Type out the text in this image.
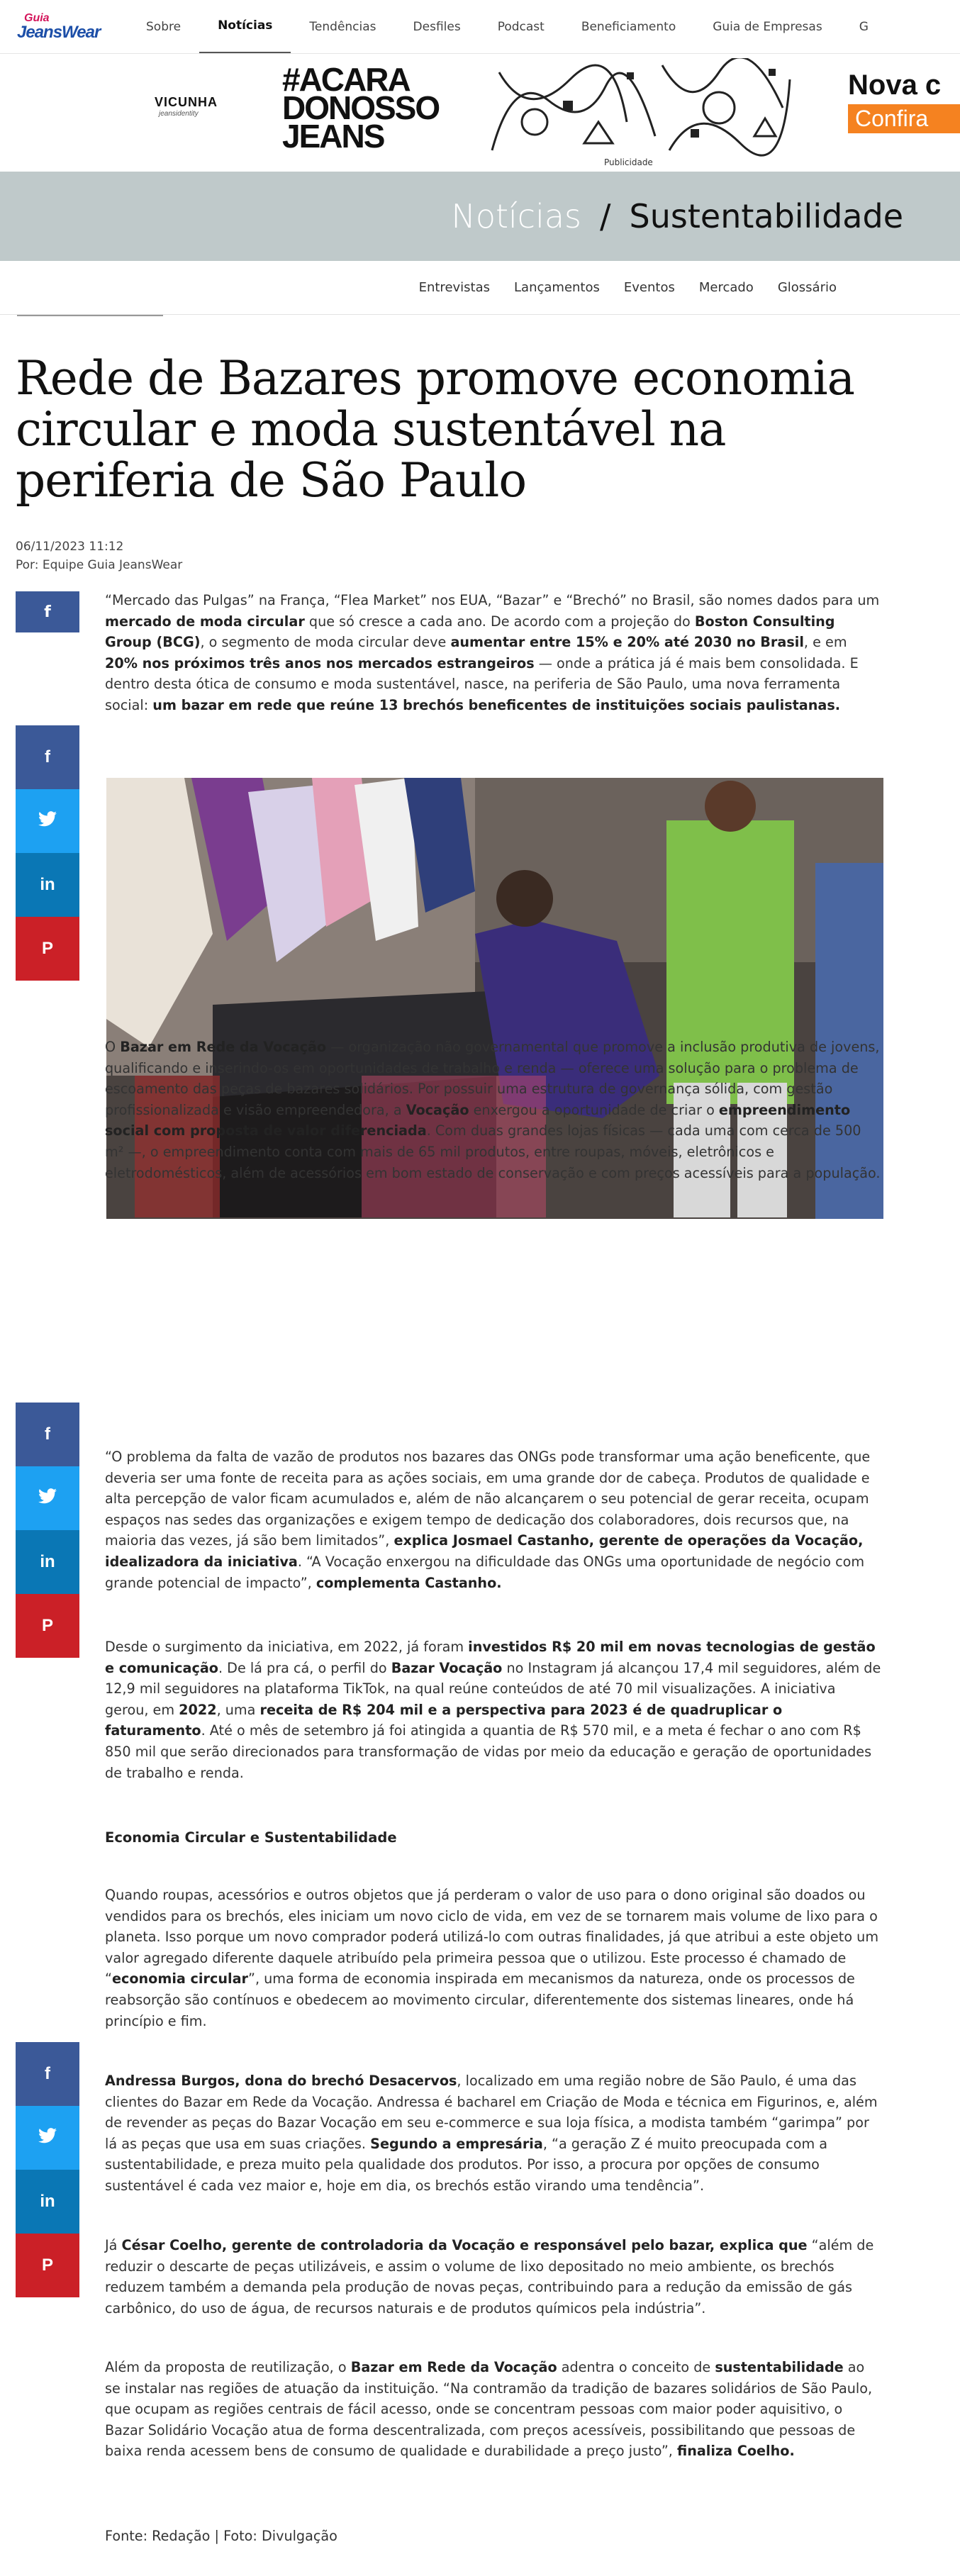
Guia
JeansWear	Sobre	Notícias	Tendências	Desfiles	Podcast	Beneficiamento	Guia de Empresas	G
VICUNHA
jeansidentity
#ACARA
DONOSSO
JEANS
Nova c
Confira
Publicidade
Notícias / Sustentabilidade
Entrevistas Lançamentos Eventos Mercado Glossário
Rede de Bazares promove economia circular e moda sustentável na periferia de São Paulo
06/11/2023 11:12
Por: Equipe Guia JeansWear
f
f
in
P
“Mercado das Pulgas” na França, “Flea Market” nos EUA, “Bazar” e “Brechó” no Brasil, são nomes dados para um mercado de moda circular que só cresce a cada ano. De acordo com a projeção do Boston Consulting Group (BCG), o segmento de moda circular deve aumentar entre 15% e 20% até 2030 no Brasil, e em 20% nos próximos três anos nos mercados estrangeiros — onde a prática já é mais bem consolidada. E dentro desta ótica de consumo e moda sustentável, nasce, na periferia de São Paulo, uma nova ferramenta social: um bazar em rede que reúne 13 brechós beneficentes de instituições sociais paulistanas.
O Bazar em Rede da Vocação — organização não governamental que promove a inclusão produtiva de jovens, qualificando e inserindo-os em oportunidades de trabalho e renda — oferece uma solução para o problema de escoamento das peças de bazares solidários. Por possuir uma estrutura de governança sólida, com gestão profissionalizada e visão empreendedora, a Vocação enxergou a oportunidade de criar o empreendimento social com proposta de valor diferenciada. Com duas grandes lojas físicas — cada uma com cerca de 500 m² —, o empreendimento conta com mais de 65 mil produtos, entre roupas, móveis, eletrônicos e eletrodomésticos, além de acessórios em bom estado de conservação e com preços acessíveis para a população.
f
in
P
“O problema da falta de vazão de produtos nos bazares das ONGs pode transformar uma ação beneficente, que deveria ser uma fonte de receita para as ações sociais, em uma grande dor de cabeça. Produtos de qualidade e alta percepção de valor ficam acumulados e, além de não alcançarem o seu potencial de gerar receita, ocupam espaços nas sedes das organizações e exigem tempo de dedicação dos colaboradores, dois recursos que, na maioria das vezes, já são bem limitados”, explica Josmael Castanho, gerente de operações da Vocação, idealizadora da iniciativa. “A Vocação enxergou na dificuldade das ONGs uma oportunidade de negócio com grande potencial de impacto”, complementa Castanho.
Desde o surgimento da iniciativa, em 2022, já foram investidos R$ 20 mil em novas tecnologias de gestão e comunicação. De lá pra cá, o perfil do Bazar Vocação no Instagram já alcançou 17,4 mil seguidores, além de 12,9 mil seguidores na plataforma TikTok, na qual reúne conteúdos de até 70 mil visualizações. A iniciativa gerou, em 2022, uma receita de R$ 204 mil e a perspectiva para 2023 é de quadruplicar o faturamento. Até o mês de setembro já foi atingida a quantia de R$ 570 mil, e a meta é fechar o ano com R$ 850 mil que serão direcionados para transformação de vidas por meio da educação e geração de oportunidades de trabalho e renda.
Economia Circular e Sustentabilidade
Quando roupas, acessórios e outros objetos que já perderam o valor de uso para o dono original são doados ou vendidos para os brechós, eles iniciam um novo ciclo de vida, em vez de se tornarem mais volume de lixo para o planeta. Isso porque um novo comprador poderá utilizá-lo com outras finalidades, já que atribui a este objeto um valor agregado diferente daquele atribuído pela primeira pessoa que o utilizou. Este processo é chamado de “economia circular”, uma forma de economia inspirada em mecanismos da natureza, onde os processos de reabsorção são contínuos e obedecem ao movimento circular, diferentemente dos sistemas lineares, onde há princípio e fim.
f
in
P
Andressa Burgos, dona do brechó Desacervos, localizado em uma região nobre de São Paulo, é uma das clientes do Bazar em Rede da Vocação. Andressa é bacharel em Criação de Moda e técnica em Figurinos, e, além de revender as peças do Bazar Vocação em seu e-commerce e sua loja física, a modista também “garimpa” por lá as peças que usa em suas criações. Segundo a empresária, “a geração Z é muito preocupada com a sustentabilidade, e preza muito pela qualidade dos produtos. Por isso, a procura por opções de consumo sustentável é cada vez maior e, hoje em dia, os brechós estão virando uma tendência”.
Já César Coelho, gerente de controladoria da Vocação e responsável pelo bazar, explica que “além de reduzir o descarte de peças utilizáveis, e assim o volume de lixo depositado no meio ambiente, os brechós reduzem também a demanda pela produção de novas peças, contribuindo para a redução da emissão de gás carbônico, do uso de água, de recursos naturais e de produtos químicos pela indústria”.
Além da proposta de reutilização, o Bazar em Rede da Vocação adentra o conceito de sustentabilidade ao se instalar nas regiões de atuação da instituição. “Na contramão da tradição de bazares solidários de São Paulo, que ocupam as regiões centrais de fácil acesso, onde se concentram pessoas com maior poder aquisitivo, o Bazar Solidário Vocação atua de forma descentralizada, com preços acessíveis, possibilitando que pessoas de baixa renda acessem bens de consumo de qualidade e durabilidade a preço justo”, finaliza Coelho.
Fonte: Redação | Foto: Divulgação
